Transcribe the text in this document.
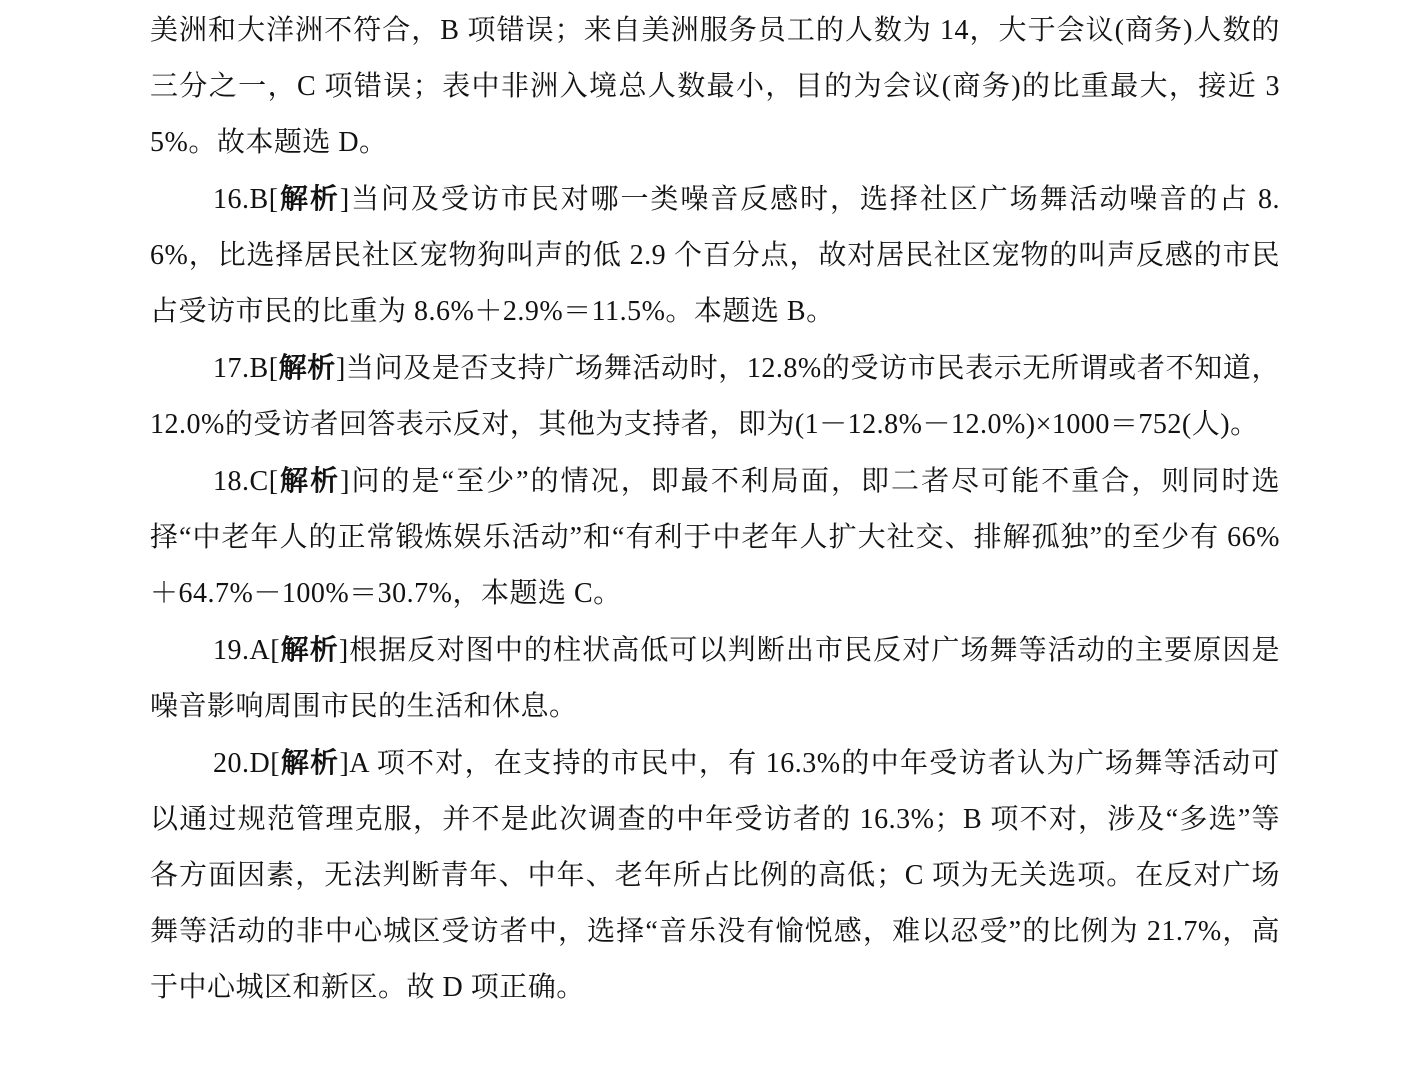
美洲和大洋洲不符合，B 项错误；来自美洲服务员工的人数为 14，大于会议(商务)人数的三分之一，C 项错误；表中非洲入境总人数最小，目的为会议(商务)的比重最大，接近 35%。故本题选 D。

16.B[解析]当问及受访市民对哪一类噪音反感时，选择社区广场舞活动噪音的占 8.6%，比选择居民社区宠物狗叫声的低 2.9 个百分点，故对居民社区宠物的叫声反感的市民占受访市民的比重为 8.6%＋2.9%＝11.5%。本题选 B。

17.B[解析]当问及是否支持广场舞活动时，12.8%的受访市民表示无所谓或者不知道，12.0%的受访者回答表示反对，其他为支持者，即为(1－12.8%－12.0%)×1000＝752(人)。

18.C[解析]问的是“至少”的情况，即最不利局面，即二者尽可能不重合，则同时选择“中老年人的正常锻炼娱乐活动”和“有利于中老年人扩大社交、排解孤独”的至少有 66%＋64.7%－100%＝30.7%，本题选 C。

19.A[解析]根据反对图中的柱状高低可以判断出市民反对广场舞等活动的主要原因是噪音影响周围市民的生活和休息。

20.D[解析]A 项不对，在支持的市民中，有 16.3%的中年受访者认为广场舞等活动可以通过规范管理克服，并不是此次调查的中年受访者的 16.3%；B 项不对，涉及“多选”等各方面因素，无法判断青年、中年、老年所占比例的高低；C 项为无关选项。在反对广场舞等活动的非中心城区受访者中，选择“音乐没有愉悦感，难以忍受”的比例为 21.7%，高于中心城区和新区。故 D 项正确。
